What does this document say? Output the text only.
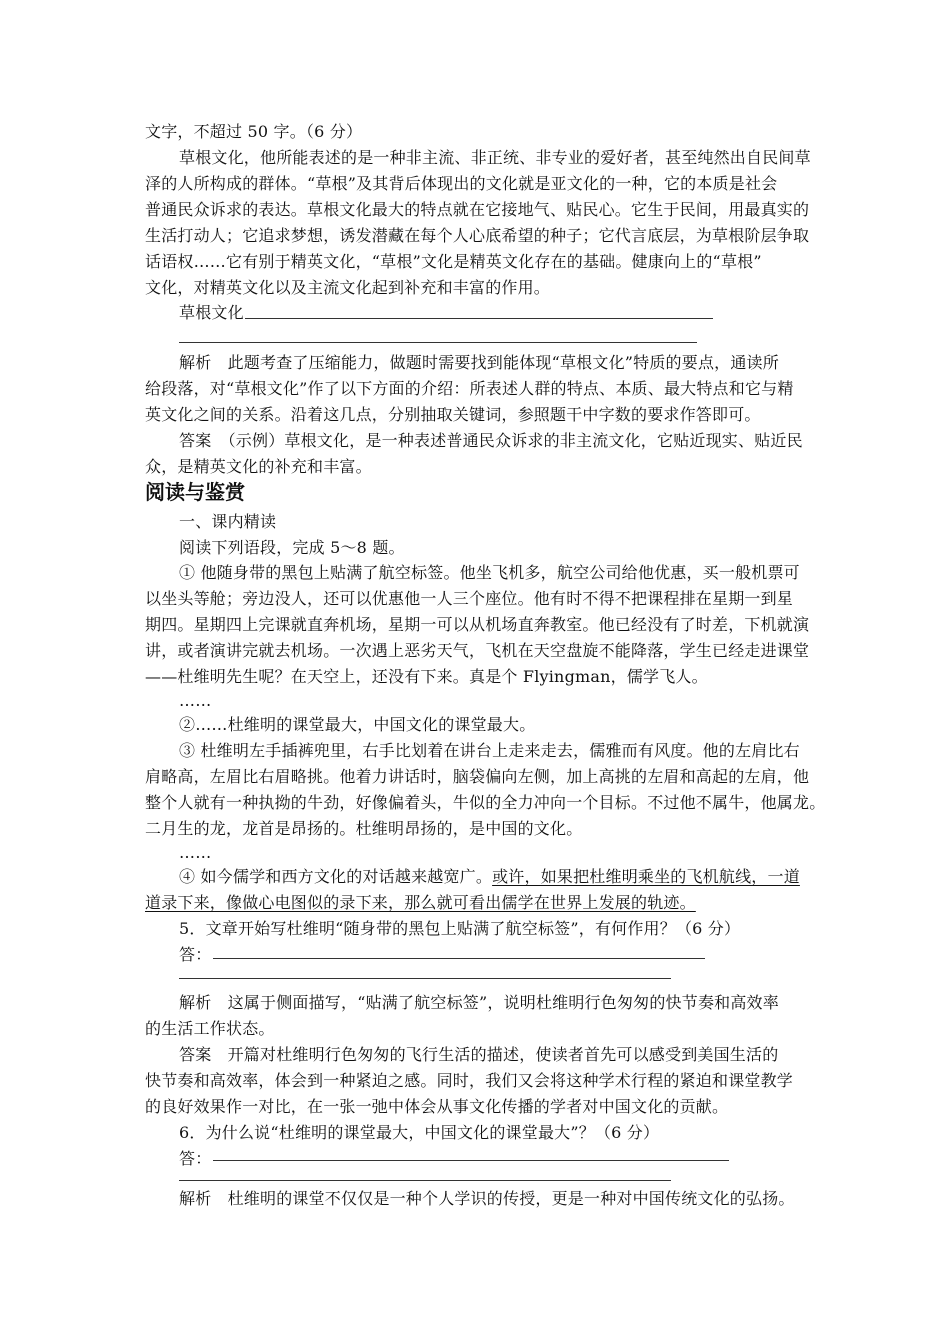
文字，不超过 50 字。（6 分）
草根文化，他所能表述的是一种非主流、非正统、非专业的爱好者，甚至纯然出自民间草
泽的人所构成的群体。“草根”及其背后体现出的文化就是亚文化的一种，它的本质是社会
普通民众诉求的表达。草根文化最大的特点就在它接地气、贴民心。它生于民间，用最真实的
生活打动人；它追求梦想，诱发潜藏在每个人心底希望的种子；它代言底层，为草根阶层争取
话语权……它有别于精英文化，“草根”文化是精英文化存在的基础。健康向上的“草根”
文化，对精英文化以及主流文化起到补充和丰富的作用。
草根文化
解析　此题考查了压缩能力，做题时需要找到能体现“草根文化”特质的要点，通读所
给段落，对“草根文化”作了以下方面的介绍：所表述人群的特点、本质、最大特点和它与精
英文化之间的关系。沿着这几点，分别抽取关键词，参照题干中字数的要求作答即可。
答案　（示例）草根文化，是一种表述普通民众诉求的非主流文化，它贴近现实、贴近民
众，是精英文化的补充和丰富。
阅读与鉴赏
一、课内精读
阅读下列语段，完成 5～8 题。
① 他随身带的黑包上贴满了航空标签。他坐飞机多，航空公司给他优惠，买一般机票可
以坐头等舱；旁边没人，还可以优惠他一人三个座位。他有时不得不把课程排在星期一到星
期四。星期四上完课就直奔机场，星期一可以从机场直奔教室。他已经没有了时差，下机就演
讲，或者演讲完就去机场。一次遇上恶劣天气，飞机在天空盘旋不能降落，学生已经走进课堂
——杜维明先生呢？在天空上，还没有下来。真是个 Flyingman，儒学飞人。
……
②……杜维明的课堂最大，中国文化的课堂最大。
③ 杜维明左手插裤兜里，右手比划着在讲台上走来走去，儒雅而有风度。他的左肩比右
肩略高，左眉比右眉略挑。他着力讲话时，脑袋偏向左侧，加上高挑的左眉和高起的左肩，他
整个人就有一种执拗的牛劲，好像偏着头，牛似的全力冲向一个目标。不过他不属牛，他属龙。
二月生的龙，龙首是昂扬的。杜维明昂扬的，是中国的文化。
……
④ 如今儒学和西方文化的对话越来越宽广。或许，如果把杜维明乘坐的飞机航线，一道
道录下来，像做心电图似的录下来，那么就可看出儒学在世界上发展的轨迹。
5．文章开始写杜维明“随身带的黑包上贴满了航空标签”，有何作用？（6 分）
答：
解析　这属于侧面描写，“贴满了航空标签”，说明杜维明行色匆匆的快节奏和高效率
的生活工作状态。
答案　开篇对杜维明行色匆匆的飞行生活的描述，使读者首先可以感受到美国生活的
快节奏和高效率，体会到一种紧迫之感。同时，我们又会将这种学术行程的紧迫和课堂教学
的良好效果作一对比，在一张一弛中体会从事文化传播的学者对中国文化的贡献。
6．为什么说“杜维明的课堂最大，中国文化的课堂最大”？（6 分）
答：
解析　杜维明的课堂不仅仅是一种个人学识的传授，更是一种对中国传统文化的弘扬。
